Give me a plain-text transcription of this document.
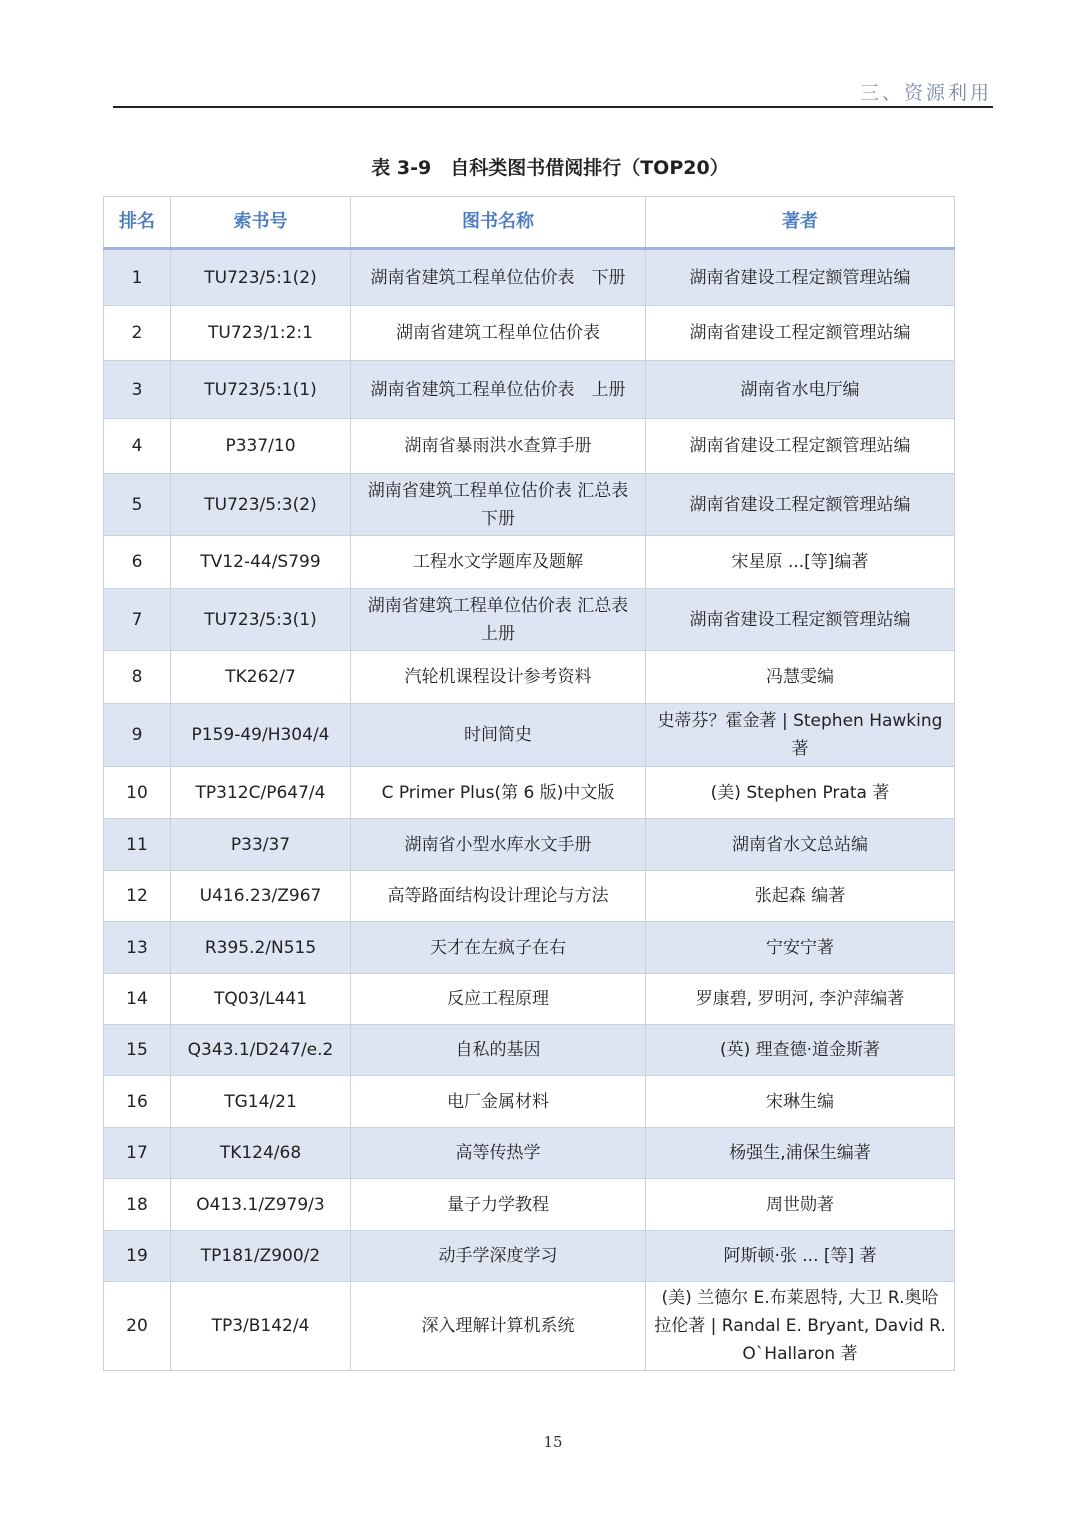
三、资源利用
表 3-9　自科类图书借阅排行（TOP20）
排名	索书号	图书名称	著者
1	TU723/5:1(2)	湖南省建筑工程单位估价表　下册	湖南省建设工程定额管理站编
2	TU723/1:2:1	湖南省建筑工程单位估价表	湖南省建设工程定额管理站编
3	TU723/5:1(1)	湖南省建筑工程单位估价表　上册	湖南省水电厅编
4	P337/10	湖南省暴雨洪水查算手册	湖南省建设工程定额管理站编
5	TU723/5:3(2)	湖南省建筑工程单位估价表 汇总表　下册	湖南省建设工程定额管理站编
6	TV12-44/S799	工程水文学题库及题解	宋星原 ...[等]编著
7	TU723/5:3(1)	湖南省建筑工程单位估价表 汇总表　上册	湖南省建设工程定额管理站编
8	TK262/7	汽轮机课程设计参考资料	冯慧雯编
9	P159-49/H304/4	时间简史	史蒂芬？霍金著 | Stephen Hawking 著
10	TP312C/P647/4	C Primer Plus(第 6 版)中文版	(美) Stephen Prata 著
11	P33/37	湖南省小型水库水文手册	湖南省水文总站编
12	U416.23/Z967	高等路面结构设计理论与方法	张起森 编著
13	R395.2/N515	天才在左疯子在右	宁安宁著
14	TQ03/L441	反应工程原理	罗康碧, 罗明河, 李沪萍编著
15	Q343.1/D247/e.2	自私的基因	(英) 理查德·道金斯著
16	TG14/21	电厂金属材料	宋琳生编
17	TK124/68	高等传热学	杨强生,浦保生编著
18	O413.1/Z979/3	量子力学教程	周世勋著
19	TP181/Z900/2	动手学深度学习	阿斯顿·张 ... [等] 著
20	TP3/B142/4	深入理解计算机系统	(美) 兰德尔 E.布莱恩特, 大卫 R.奥哈拉伦著 | Randal E. Bryant, David R. O`Hallaron 著
15
